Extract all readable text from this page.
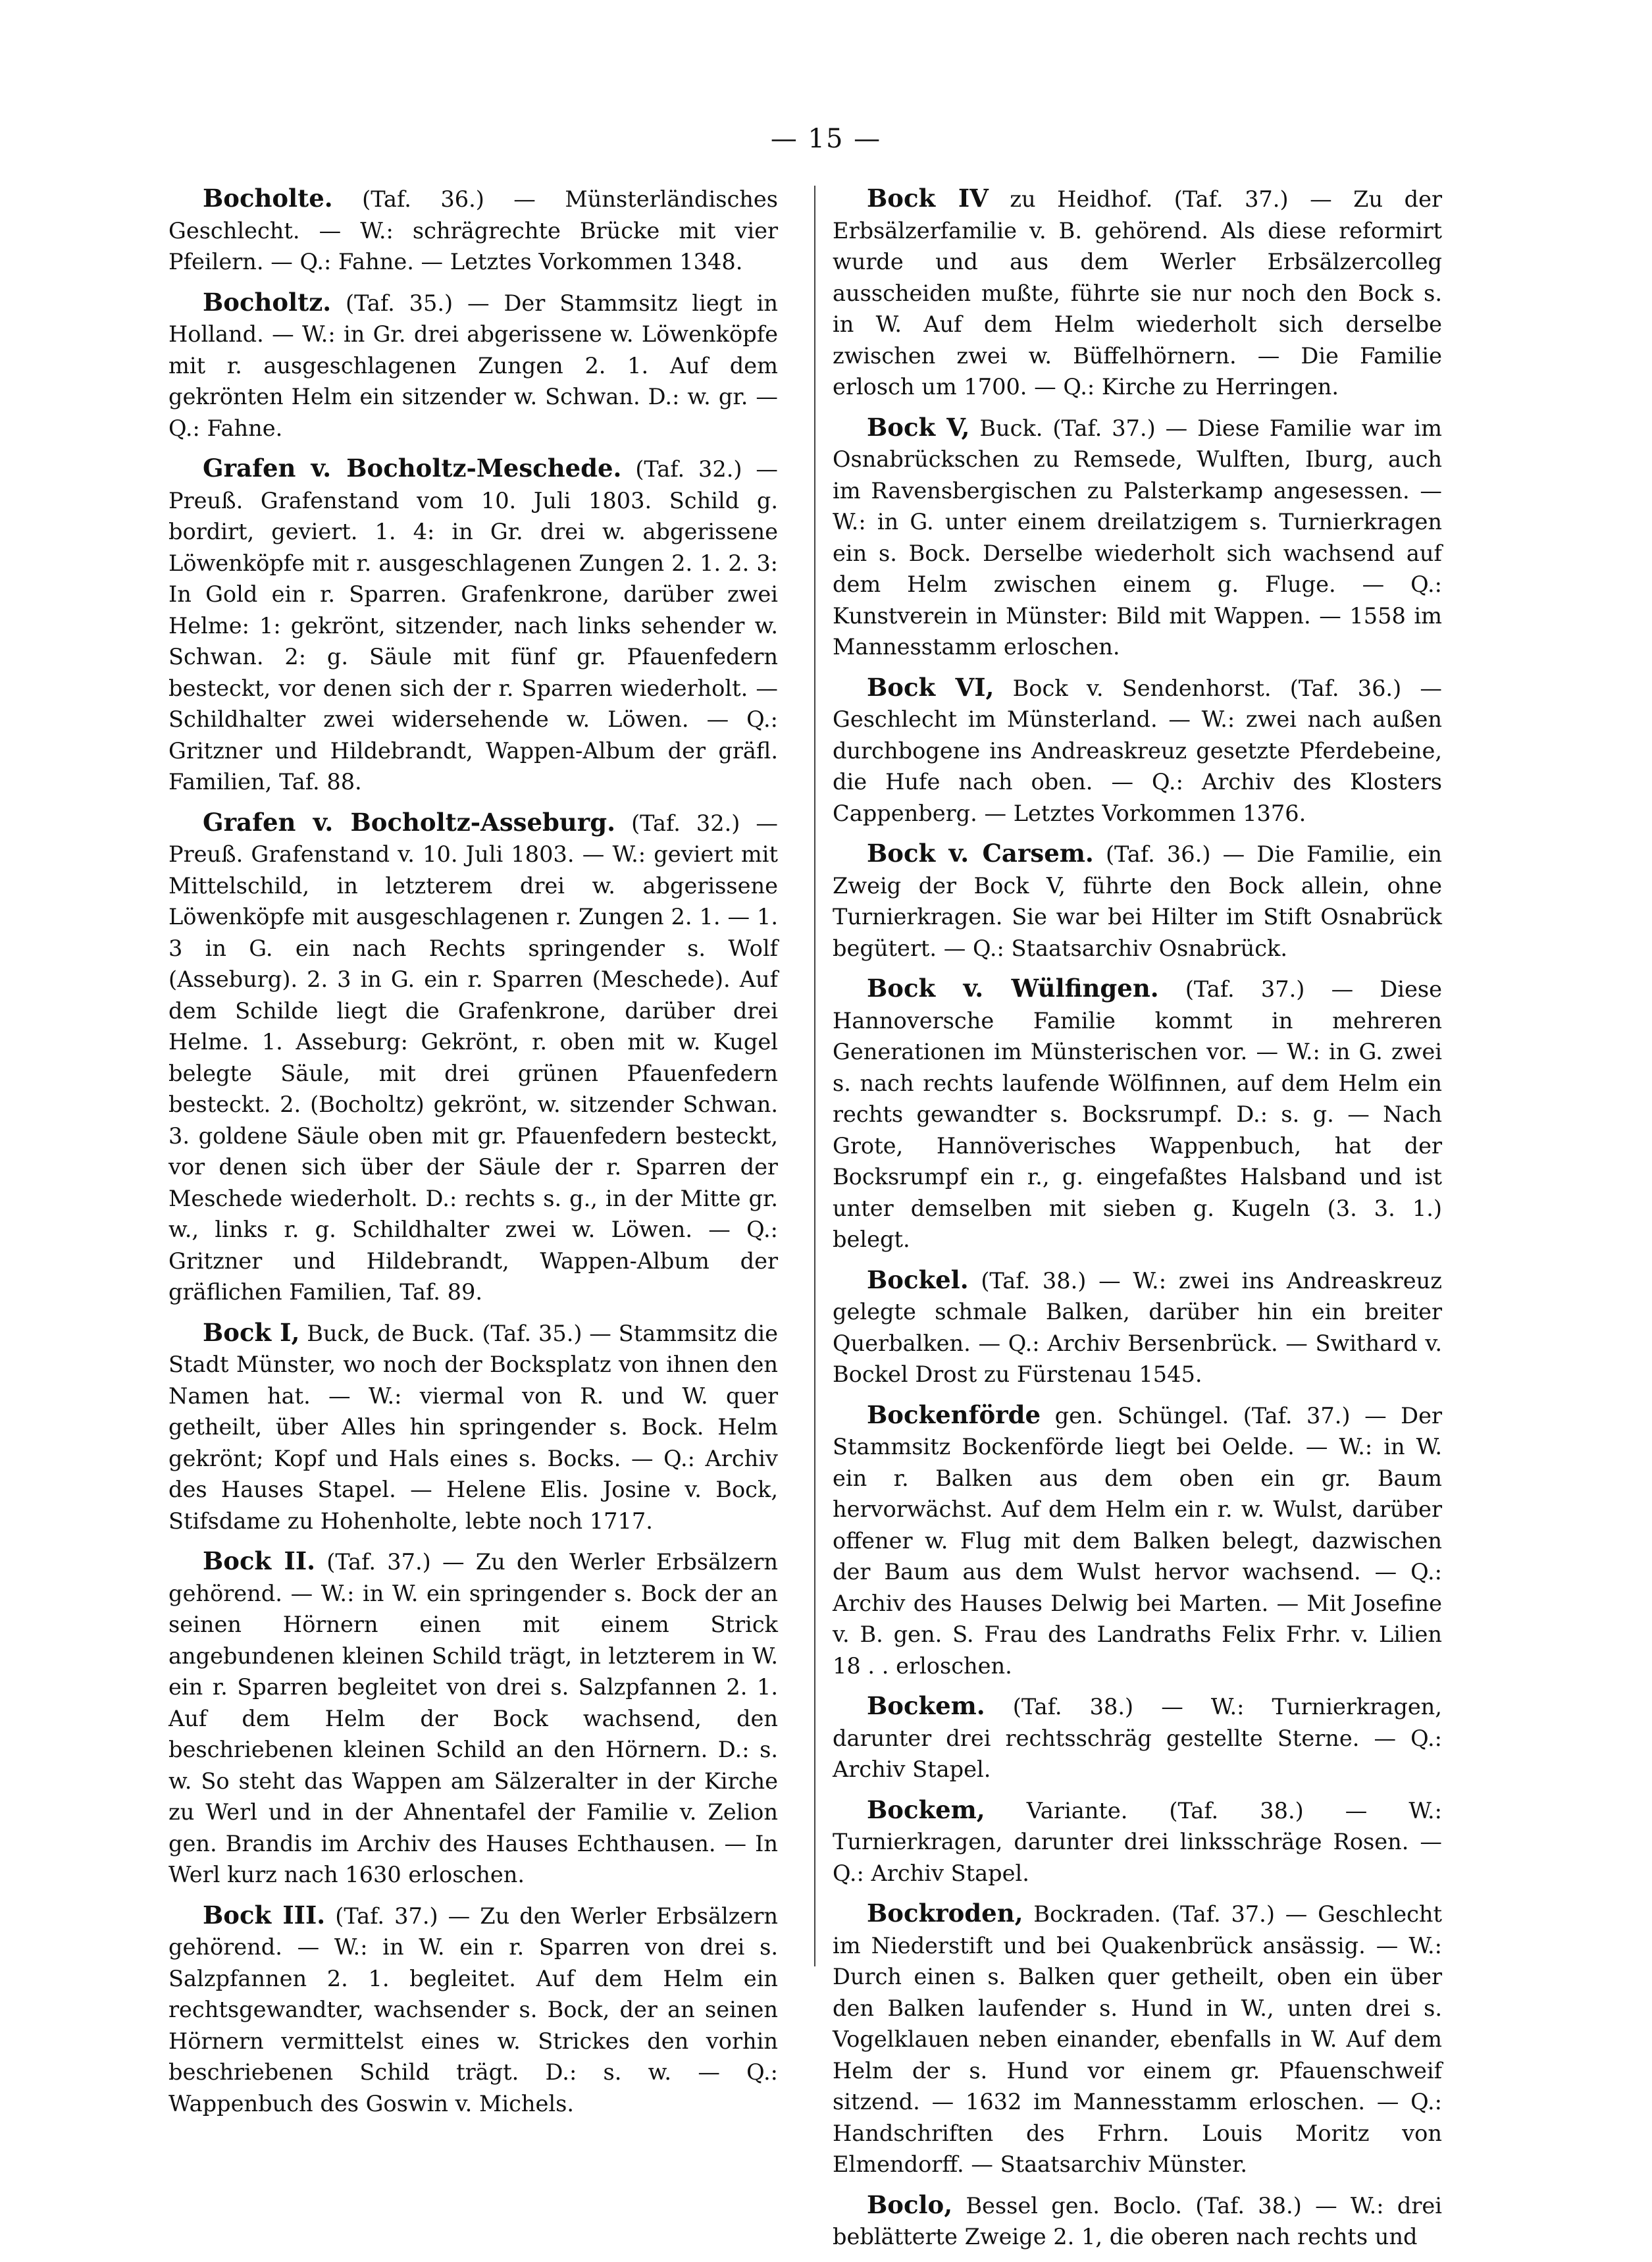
— 15 —

Bocholte. (Taf. 36.) — Münsterländisches Geschlecht. — W.: schrägrechte Brücke mit vier Pfeilern. — Q.: Fahne. — Letztes Vorkommen 1348.

Bocholtz. (Taf. 35.) — Der Stammsitz liegt in Holland. — W.: in Gr. drei abgerissene w. Löwenköpfe mit r. ausgeschlagenen Zungen 2. 1. Auf dem gekrönten Helm ein sitzender w. Schwan. D.: w. gr. — Q.: Fahne.

Grafen v. Bocholtz-Meschede. (Taf. 32.) — Preuß. Grafenstand vom 10. Juli 1803. Schild g. bordirt, geviert. 1. 4: in Gr. drei w. abgerissene Löwenköpfe mit r. ausgeschlagenen Zungen 2. 1. 2. 3: In Gold ein r. Sparren. Grafenkrone, darüber zwei Helme: 1: gekrönt, sitzender, nach links sehender w. Schwan. 2: g. Säule mit fünf gr. Pfauenfedern besteckt, vor denen sich der r. Sparren wiederholt. — Schildhalter zwei widersehende w. Löwen. — Q.: Gritzner und Hildebrandt, Wappen-Album der gräfl. Familien, Taf. 88.

Grafen v. Bocholtz-Asseburg. (Taf. 32.) — Preuß. Grafenstand v. 10. Juli 1803. — W.: geviert mit Mittelschild, in letzterem drei w. abgerissene Löwenköpfe mit ausgeschlagenen r. Zungen 2. 1. — 1. 3 in G. ein nach Rechts springender s. Wolf (Asseburg). 2. 3 in G. ein r. Sparren (Meschede). Auf dem Schilde liegt die Grafenkrone, darüber drei Helme. 1. Asseburg: Gekrönt, r. oben mit w. Kugel belegte Säule, mit drei grünen Pfauenfedern besteckt. 2. (Bocholtz) gekrönt, w. sitzender Schwan. 3. goldene Säule oben mit gr. Pfauenfedern besteckt, vor denen sich über der Säule der r. Sparren der Meschede wiederholt. D.: rechts s. g., in der Mitte gr. w., links r. g. Schildhalter zwei w. Löwen. — Q.: Gritzner und Hildebrandt, Wappen-Album der gräflichen Familien, Taf. 89.

Bock I, Buck, de Buck. (Taf. 35.) — Stammsitz die Stadt Münster, wo noch der Bocksplatz von ihnen den Namen hat. — W.: viermal von R. und W. quer getheilt, über Alles hin springender s. Bock. Helm gekrönt; Kopf und Hals eines s. Bocks. — Q.: Archiv des Hauses Stapel. — Helene Elis. Josine v. Bock, Stifsdame zu Hohenholte, lebte noch 1717.

Bock II. (Taf. 37.) — Zu den Werler Erbsälzern gehörend. — W.: in W. ein springender s. Bock der an seinen Hörnern einen mit einem Strick angebundenen kleinen Schild trägt, in letzterem in W. ein r. Sparren begleitet von drei s. Salzpfannen 2. 1. Auf dem Helm der Bock wachsend, den beschriebenen kleinen Schild an den Hörnern. D.: s. w. So steht das Wappen am Sälzeralter in der Kirche zu Werl und in der Ahnentafel der Familie v. Zelion gen. Brandis im Archiv des Hauses Echthausen. — In Werl kurz nach 1630 erloschen.

Bock III. (Taf. 37.) — Zu den Werler Erbsälzern gehörend. — W.: in W. ein r. Sparren von drei s. Salzpfannen 2. 1. begleitet. Auf dem Helm ein rechtsgewandter, wachsender s. Bock, der an seinen Hörnern vermittelst eines w. Strickes den vorhin beschriebenen Schild trägt. D.: s. w. — Q.: Wappenbuch des Goswin v. Michels.

Bock IV zu Heidhof. (Taf. 37.) — Zu der Erbsälzerfamilie v. B. gehörend. Als diese reformirt wurde und aus dem Werler Erbsälzercolleg ausscheiden mußte, führte sie nur noch den Bock s. in W. Auf dem Helm wiederholt sich derselbe zwischen zwei w. Büffelhörnern. — Die Familie erlosch um 1700. — Q.: Kirche zu Herringen.

Bock V, Buck. (Taf. 37.) — Diese Familie war im Osnabrückschen zu Remsede, Wulften, Iburg, auch im Ravensbergischen zu Palsterkamp angesessen. — W.: in G. unter einem dreilatzigem s. Turnierkragen ein s. Bock. Derselbe wiederholt sich wachsend auf dem Helm zwischen einem g. Fluge. — Q.: Kunstverein in Münster: Bild mit Wappen. — 1558 im Mannesstamm erloschen.

Bock VI, Bock v. Sendenhorst. (Taf. 36.) — Geschlecht im Münsterland. — W.: zwei nach außen durchbogene ins Andreaskreuz gesetzte Pferdebeine, die Hufe nach oben. — Q.: Archiv des Klosters Cappenberg. — Letztes Vorkommen 1376.

Bock v. Carsem. (Taf. 36.) — Die Familie, ein Zweig der Bock V, führte den Bock allein, ohne Turnierkragen. Sie war bei Hilter im Stift Osnabrück begütert. — Q.: Staatsarchiv Osnabrück.

Bock v. Wülfingen. (Taf. 37.) — Diese Hannoversche Familie kommt in mehreren Generationen im Münsterischen vor. — W.: in G. zwei s. nach rechts laufende Wölfinnen, auf dem Helm ein rechts gewandter s. Bocksrumpf. D.: s. g. — Nach Grote, Hannöverisches Wappenbuch, hat der Bocksrumpf ein r., g. eingefaßtes Halsband und ist unter demselben mit sieben g. Kugeln (3. 3. 1.) belegt.

Bockel. (Taf. 38.) — W.: zwei ins Andreaskreuz gelegte schmale Balken, darüber hin ein breiter Querbalken. — Q.: Archiv Bersenbrück. — Swithard v. Bockel Drost zu Fürstenau 1545.

Bockenförde gen. Schüngel. (Taf. 37.) — Der Stammsitz Bockenförde liegt bei Oelde. — W.: in W. ein r. Balken aus dem oben ein gr. Baum hervorwächst. Auf dem Helm ein r. w. Wulst, darüber offener w. Flug mit dem Balken belegt, dazwischen der Baum aus dem Wulst hervor wachsend. — Q.: Archiv des Hauses Delwig bei Marten. — Mit Josefine v. B. gen. S. Frau des Landraths Felix Frhr. v. Lilien 18 . . erloschen.

Bockem. (Taf. 38.) — W.: Turnierkragen, darunter drei rechtsschräg gestellte Sterne. — Q.: Archiv Stapel.

Bockem, Variante. (Taf. 38.) — W.: Turnierkragen, darunter drei linksschräge Rosen. — Q.: Archiv Stapel.

Bockroden, Bockraden. (Taf. 37.) — Geschlecht im Niederstift und bei Quakenbrück ansässig. — W.: Durch einen s. Balken quer getheilt, oben ein über den Balken laufender s. Hund in W., unten drei s. Vogelklauen neben einander, ebenfalls in W. Auf dem Helm der s. Hund vor einem gr. Pfauenschweif sitzend. — 1632 im Mannesstamm erloschen. — Q.: Handschriften des Frhrn. Louis Moritz von Elmendorff. — Staatsarchiv Münster.

Boclo, Bessel gen. Boclo. (Taf. 38.) — W.: drei beblätterte Zweige 2. 1, die oberen nach rechts und
